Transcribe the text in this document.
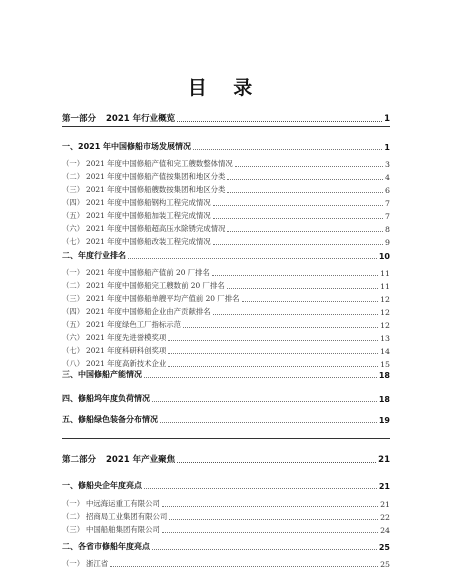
目 录
第一部分 2021 年行业概览	1
一、2021 年中国修船市场发展情况	1
（一） 2021 年度中国修船产值和完工艘数整体情况	3
（二） 2021 年度中国修船产值按集团和地区分类	4
（三） 2021 年度中国修船艘数按集团和地区分类	6
（四） 2021 年度中国修船钢构工程完成情况	7
（五） 2021 年度中国修船加装工程完成情况	7
（六） 2021 年度中国修船超高压水除锈完成情况	8
（七） 2021 年度中国修船改装工程完成情况	9
二、年度行业排名	10
（一） 2021 年度中国修船产值前 20 厂排名	11
（二） 2021 年度中国修船完工艘数前 20 厂排名	11
（三） 2021 年度中国修船单艘平均产值前 20 厂排名	12
（四） 2021 年度中国修船企业由产贡献排名	12
（五） 2021 年度绿色工厂指标示范	12
（六） 2021 年度先进誉模奖项	13
（七） 2021 年度科研科创奖项	14
（八） 2021 年度高新技术企业	15
三、中国修船产能情况	18
四、修船坞年度负荷情况	18
五、修船绿色装备分布情况	19
第二部分 2021 年产业聚焦	21
一、修船央企年度亮点	21
（一） 中远海运重工有限公司	21
（二） 招商局工业集团有限公司	22
（三） 中国船舶集团有限公司	24
二、各省市修船年度亮点	25
（一） 浙江省	25
